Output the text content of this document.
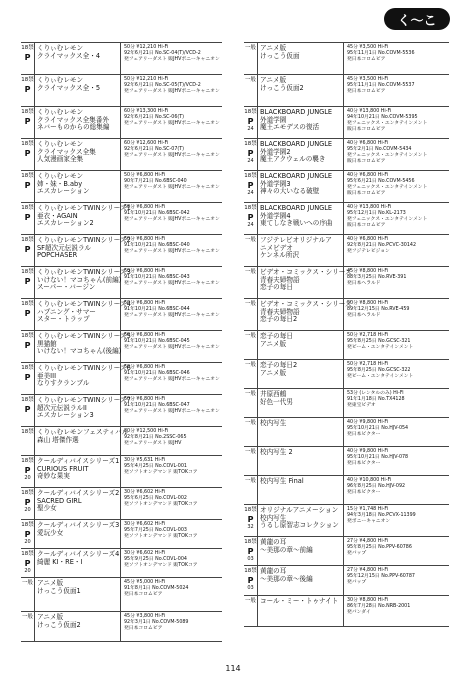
く〜こ
18禁
P
くりぃむレモン
クライマックス全・4
50分 ¥12,210 Hi-Fi
92年6月21日 No.SC-04(T)/VCD-2
発フェアリーダスト 販JHVポニーキャニオン
18禁
P
くりぃむレモン
クライマックス全・5
50分 ¥12,210 Hi-Fi
92年6月21日 No.SC-05(T)/VCD-2
発フェアリーダスト 販JHVポニーキャニオン
18禁
P
くりぃむレモン
クライマックス全集番外
ネバーものからの総集編
60分 ¥13,300 Hi-Fi
92年6月21日 No.SC-06(T)
発フェアリーダスト 販JHVポニーキャニオン
18禁
P
くりぃむレモン
クライマックス全集
人気漫画家全集
60分 ¥12,600 Hi-Fi
92年6月21日 No.SC-07(T)
発フェアリーダスト 販JHVポニーキャニオン
18禁
P
くりぃむレモン
姉・妹・B.aby
エスカレーション
50分 ¥6,800 Hi-Fi
90年7月21日 No.6BSC-040
発フェアリーダスト 販JHVポニーキャニオン
18禁
P
くりぃむレモンTWINシリーズ1
亜衣・AGAIN
エスカレーション2
50分 ¥6,800 Hi-Fi
91年10月21日 No.6BSC-042
発フェアリーダスト 販JHVポニーキャニオン
18禁
P
くりぃむレモンTWINシリーズ2
SF超次元伝説ラル
POPCHASER
50分 ¥6,800 Hi-Fi
91年10月21日 No.6BSC-040
発フェアリーダスト 販JHVポニーキャニオン
18禁
P
くりぃむレモンTWINシリーズ3
いけない！マコちゃん(前編)
スーパー・バージン
50分 ¥6,800 Hi-Fi
91年10月21日 No.6BSC-043
発フェアリーダスト 販JHVポニーキャニオン
18禁
P
くりぃむレモンTWINシリーズ4
ハプニング・サマー
スター・トラップ
50分 ¥6,800 Hi-Fi
91年10月21日 No.6BSC-044
発フェアリーダスト 販JHVポニーキャニオン
18禁
P
くりぃむレモンTWINシリーズ5
黒猫館
いけない！マコちゃん(後編)
50分 ¥6,800 Hi-Fi
91年10月21日 No.6BSC-045
発フェアリーダスト 販JHVポニーキャニオン
18禁
P
くりぃむレモンTWINシリーズ6
亜美III
なりすクランブル
50分 ¥6,800 Hi-Fi
91年10月21日 No.6BSC-046
発フェアリーダスト 販JHVポニーキャニオン
18禁
P
くりぃむレモンTWINシリーズ7
超次元伝説ラルII
エスカレーション3
50分 ¥6,800 Hi-Fi
91年10月21日 No.6BSC-047
発フェアリーダスト 販JHVポニーキャニオン
18禁 くりぃむレモンフェスティバル
森山 塔傑作選
80分 ¥12,500 Hi-Fi
92年8月21日 No.2SSC-065
発フェアリーダスト 販JHV
18禁
P
20
クールディバイスシリーズ1
CURIOUS FRUIT
奇妙な果実
30分 ¥5,631 Hi-Fi
95年4月25日 No.COVL-001
発ソフトオンデマンド 販TOKコア
18禁
P
20
クールディバイスシリーズ2
SACRED GIRL
聖少女
30分 ¥6,602 Hi-Fi
95年6月25日 No.COVL-002
発ソフトオンデマンド 販TOKコア
18禁
P
20
クールディバイスシリーズ3
愛玩少女
30分 ¥6,602 Hi-Fi
95年7月25日 No.COVL-003
発ソフトオンデマンド 販TOKコア
18禁
P
20
クールディバイスシリーズ4
綺麗 KI・RE・I
30分 ¥6,602 Hi-Fi
95年9月25日 No.COVL-004
発ソフトオンデマンド 販TOKコア
一般 アニメ版
けっこう仮面1
45分 ¥5,000 Hi-Fi
91年8月1日 No.COVM-5024
発日本コロムビア
一般 アニメ版
けっこう仮面2
45分 ¥3,800 Hi-Fi
92年3月1日 No.COVM-5089
発日本コロムビア
一般 アニメ版
けっこう仮面
45分 ¥3,500 Hi-Fi
95年11月1日 No.COVM-5536
発日本コロムビア
一般 アニメ版
けっこう仮面2
45分 ¥3,500 Hi-Fi
95年11月1日 No.COVM-5537
発日本コロムビア
18禁
P
24
BLACKBOARD JUNGLE
外道学園
魔王エモデスの復活
40分 ¥13,800 Hi-Fi
94年10月21日 No.COVM-5395
発フェニックス・エンタテインメント
販日本コロムビア
18禁
P
24
BLACKBOARD JUNGLE
外道学園2
魔王アクウェルの襲き
40分 ¥6,800 Hi-Fi
95年2月1日 No.COVM-5434
発フェニックス・エンタテインメント
販日本コロムビア
18禁
P
24
BLACKBOARD JUNGLE
外道学園3
神々の大いなる破壁
40分 ¥6,800 Hi-Fi
95年6月21日 No.COVM-5456
発フェニックス・エンタテインメント
販日本コロムビア
18禁
P
24
BLACKBOARD JUNGLE
外道学園4
東てしなき戦いへの序曲
40分 ¥13,800 Hi-Fi
95年12月1日 No.KL-2173
発フェニックス・エンタテインメント
販日本コロムビア
一般 フジテレビオリジナルア
ニメビデオ
ケンネル所沢
40分 ¥6,800 Hi-Fi
92年8月21日 No.PCVC-30142
発フジテレビジョン
一般 ビデオ・コミックス・シリーズ
青春夫婦物語
恋子の毎日
45分 ¥8,800 Hi-Fi
88年3月25日 No.RVE-391
発日本ヘラルド
一般 ビデオ・コミックス・シリーズ
青春夫婦物語
恋子の毎日2
50分 ¥8,800 Hi-Fi
89年12月15日 No.RVE-459
発日本ヘラルド
一般 恋子の毎日
アニメ版
50分 ¥2,718 Hi-Fi
95年8月25日 No.GCSC-321
発ビーム・エンタテインメント
一般 恋子の毎日2
アニメ版
50分 ¥2,718 Hi-Fi
95年8月25日 No.GCSC-322
発ビーム・エンタテインメント
一般 井原西鶴
好色一代男
53分 (レンタルのみ) Hi-Fi
91年1月18日 No.TX4128
発東宝ビデオ
一般 校内写生	40分 ¥9,800 Hi-Fi
95年10月21日 No.HJV-054
発日本ビクター
一般 校内写生 2	40分 ¥9,800 Hi-Fi
95年10月21日 No.HJV-078
発日本ビクター
一般 校内写生 Final	40分 ¥10,800 Hi-Fi
96年8月25日 No.HJV-092
発日本ビクター
18禁
P
32
オリジナルアニメーション
校内写生
うるし原智志コレクション
15分 ¥1,748 Hi-Fi
94年3月18日 No.PCVX-11399
発ポニーキャニオン
18禁
P
03
黄龍の耳
〜美那の章〜前編
27分 ¥4,800 Hi-Fi
95年8月25日 No.PPV-60786
発バップ
18禁
P
03
黄龍の耳
〜美那の章〜後編
27分 ¥4,800 Hi-Fi
95年12月15日 No.PPV-60787
発バップ
一般 コール・ミー・トゥナイト	30分 ¥8,800 Hi-Fi
86年7月28日 No.NRB-2001
発バンダイ
114
